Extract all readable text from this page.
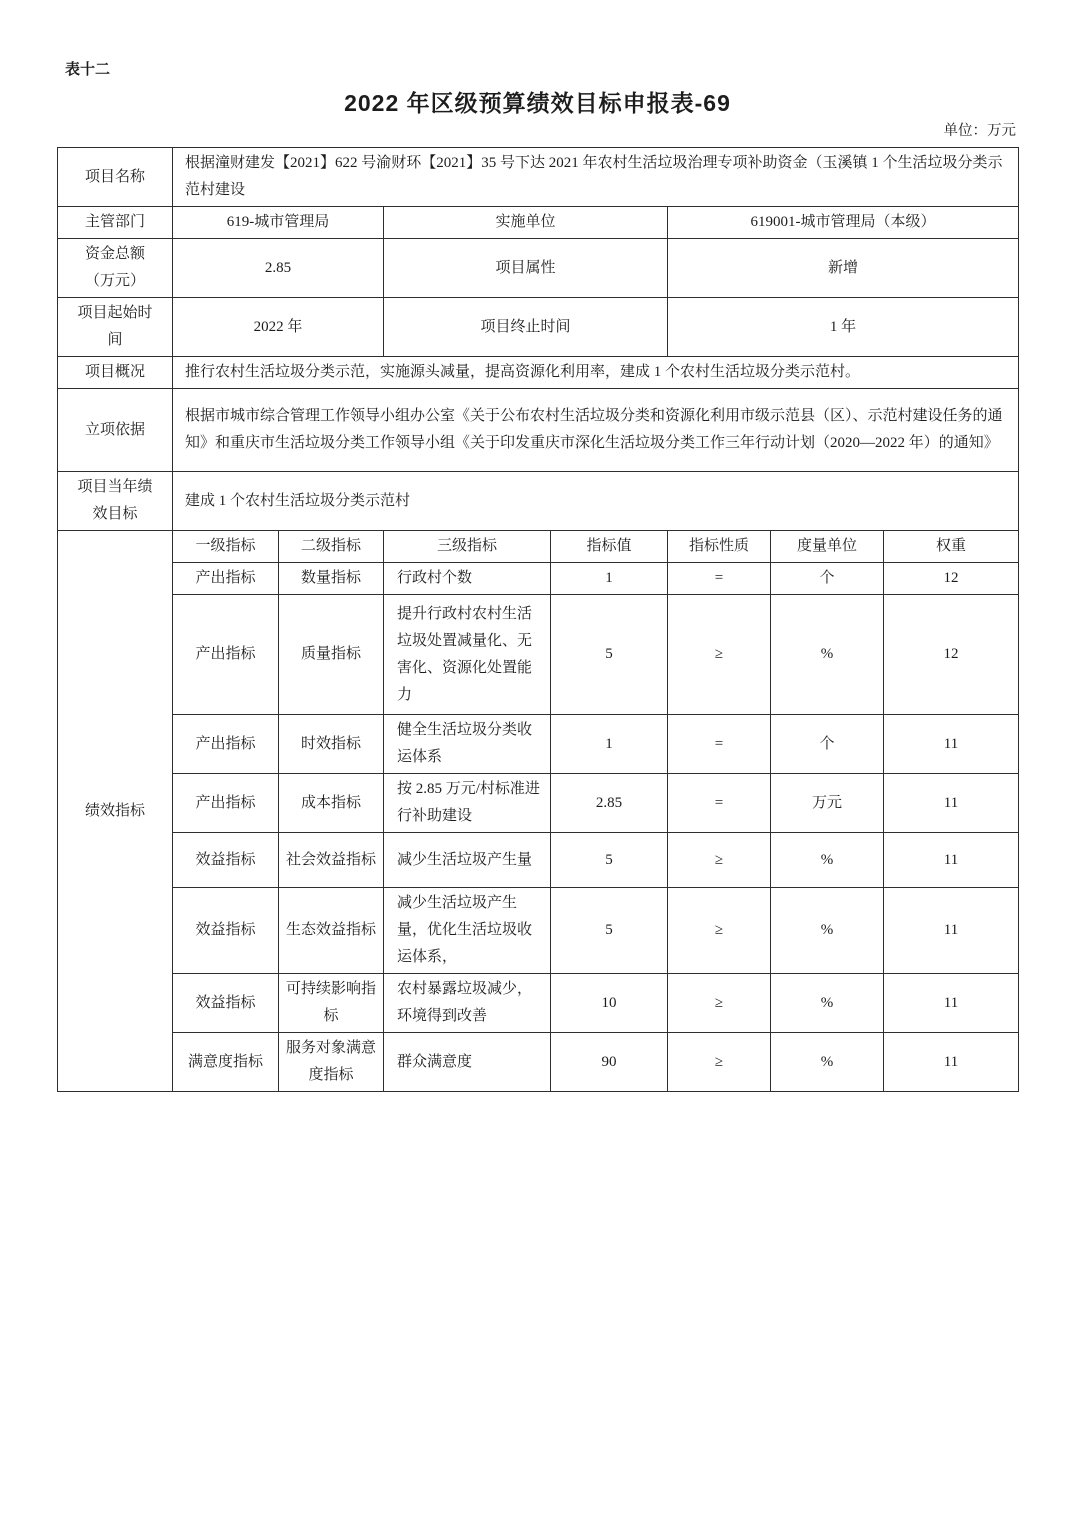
表十二
2022 年区级预算绩效目标申报表-69
单位：万元
项目名称	根据潼财建发【2021】622 号渝财环【2021】35 号下达 2021 年农村生活垃圾治理专项补助资金（玉溪镇 1 个生活垃圾分类示范村建设						
主管部门	619-城市管理局		实施单位		619001-城市管理局（本级）		
资金总额（万元）	2.85		项目属性		新增		
项目起始时间	2022 年		项目终止时间		1 年		
项目概况	推行农村生活垃圾分类示范，实施源头减量，提高资源化利用率，建成 1 个农村生活垃圾分类示范村。						
立项依据	根据市城市综合管理工作领导小组办公室《关于公布农村生活垃圾分类和资源化利用市级示范县（区）、示范村建设任务的通知》和重庆市生活垃圾分类工作领导小组《关于印发重庆市深化生活垃圾分类工作三年行动计划（2020—2022 年）的通知》						
项目当年绩效目标	建成 1 个农村生活垃圾分类示范村						
绩效指标	一级指标	二级指标	三级指标	指标值	指标性质	度量单位	权重
	产出指标	数量指标	行政村个数	1	=	个	12
	产出指标	质量指标	提升行政村农村生活垃圾处置减量化、无害化、资源化处置能力	5	≥	%	12
	产出指标	时效指标	健全生活垃圾分类收运体系	1	=	个	11
	产出指标	成本指标	按 2.85 万元/村标准进行补助建设	2.85	=	万元	11
	效益指标	社会效益指标	减少生活垃圾产生量	5	≥	%	11
	效益指标	生态效益指标	减少生活垃圾产生量，优化生活垃圾收运体系，	5	≥	%	11
	效益指标	可持续影响指标	农村暴露垃圾减少，环境得到改善	10	≥	%	11
	满意度指标	服务对象满意度指标	群众满意度	90	≥	%	11
